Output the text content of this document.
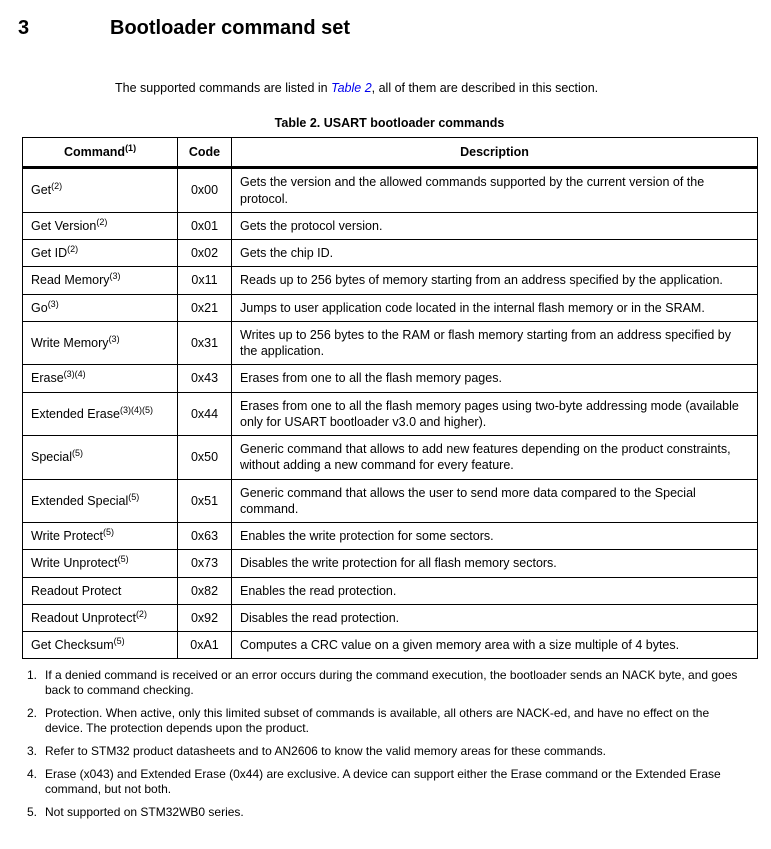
3	Bootloader command set

The supported commands are listed in Table 2, all of them are described in this section.

Table 2. USART bootloader commands
Command$^{(1)}$	Code	Description
Get$^{(2)}$	0x00	Gets the version and the allowed commands supported by the current version of the protocol.
Get Version$^{(2)}$	0x01	Gets the protocol version.
Get ID$^{(2)}$	0x02	Gets the chip ID.
Read Memory$^{(3)}$	0x11	Reads up to 256 bytes of memory starting from an address specified by the application.
Go$^{(3)}$	0x21	Jumps to user application code located in the internal flash memory or in the SRAM.
Write Memory$^{(3)}$	0x31	Writes up to 256 bytes to the RAM or flash memory starting from an address specified by the application.
Erase$^{(3)(4)}$	0x43	Erases from one to all the flash memory pages.
Extended Erase$^{(3)(4)(5)}$	0x44	Erases from one to all the flash memory pages using two-byte addressing mode (available only for USART bootloader v3.0 and higher).
Special$^{(5)}$	0x50	Generic command that allows to add new features depending on the product constraints, without adding a new command for every feature.
Extended Special$^{(5)}$	0x51	Generic command that allows the user to send more data compared to the Special command.
Write Protect$^{(5)}$	0x63	Enables the write protection for some sectors.
Write Unprotect$^{(5)}$	0x73	Disables the write protection for all flash memory sectors.
Readout Protect	0x82	Enables the read protection.
Readout Unprotect$^{(2)}$	0x92	Disables the read protection.
Get Checksum$^{(5)}$	0xA1	Computes a CRC value on a given memory area with a size multiple of 4 bytes.
1. If a denied command is received or an error occurs during the command execution, the bootloader sends an NACK byte, and goes back to command checking.
2. Protection. When active, only this limited subset of commands is available, all others are NACK-ed, and have no effect on the device. The protection depends upon the product.
3. Refer to STM32 product datasheets and to AN2606 to know the valid memory areas for these commands.
4. Erase (x043) and Extended Erase (0x44) are exclusive. A device can support either the Erase command or the Extended Erase command, but not both.
5. Not supported on STM32WB0 series.
